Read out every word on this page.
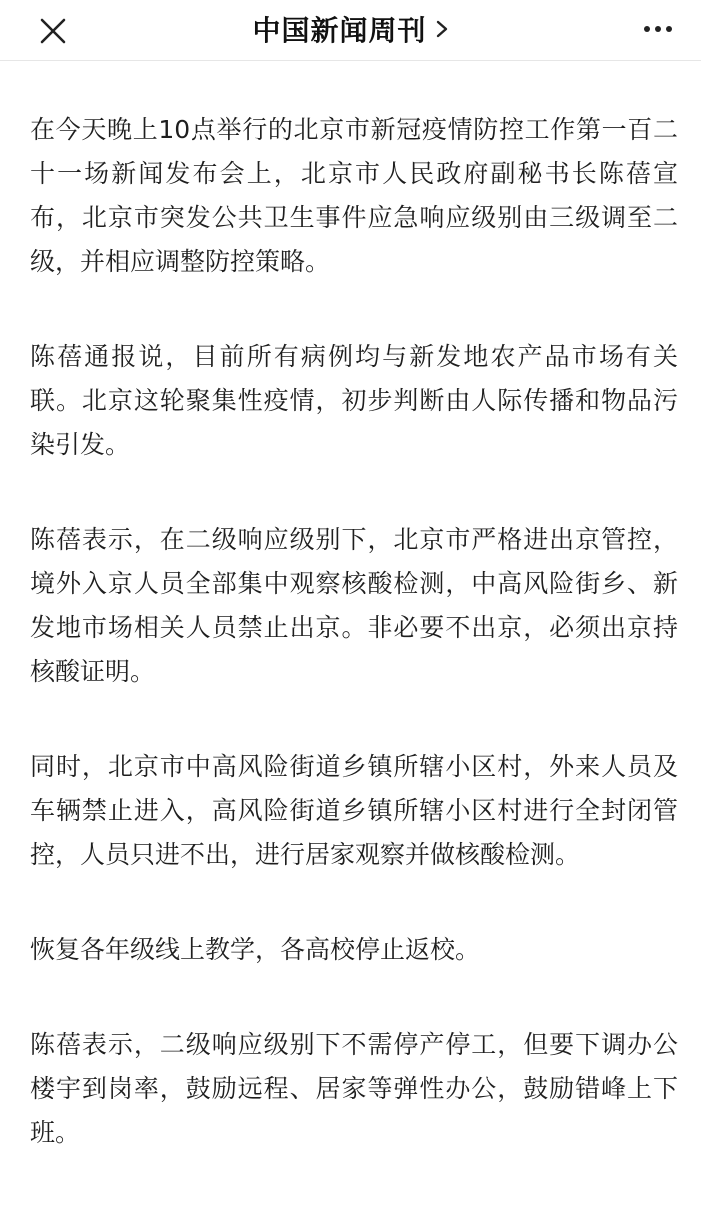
中国新闻周刊

在今天晚上10点举行的北京市新冠疫情防控工作第一百二十一场新闻发布会上，北京市人民政府副秘书长陈蓓宣布，北京市突发公共卫生事件应急响应级别由三级调至二级，并相应调整防控策略。

陈蓓通报说，目前所有病例均与新发地农产品市场有关联。北京这轮聚集性疫情，初步判断由人际传播和物品污染引发。

陈蓓表示，在二级响应级别下，北京市严格进出京管控，境外入京人员全部集中观察核酸检测，中高风险街乡、新发地市场相关人员禁止出京。非必要不出京，必须出京持核酸证明。

同时，北京市中高风险街道乡镇所辖小区村，外来人员及车辆禁止进入，高风险街道乡镇所辖小区村进行全封闭管控，人员只进不出，进行居家观察并做核酸检测。

恢复各年级线上教学，各高校停止返校。

陈蓓表示，二级响应级别下不需停产停工，但要下调办公楼宇到岗率，鼓励远程、居家等弹性办公，鼓励错峰上下班。
